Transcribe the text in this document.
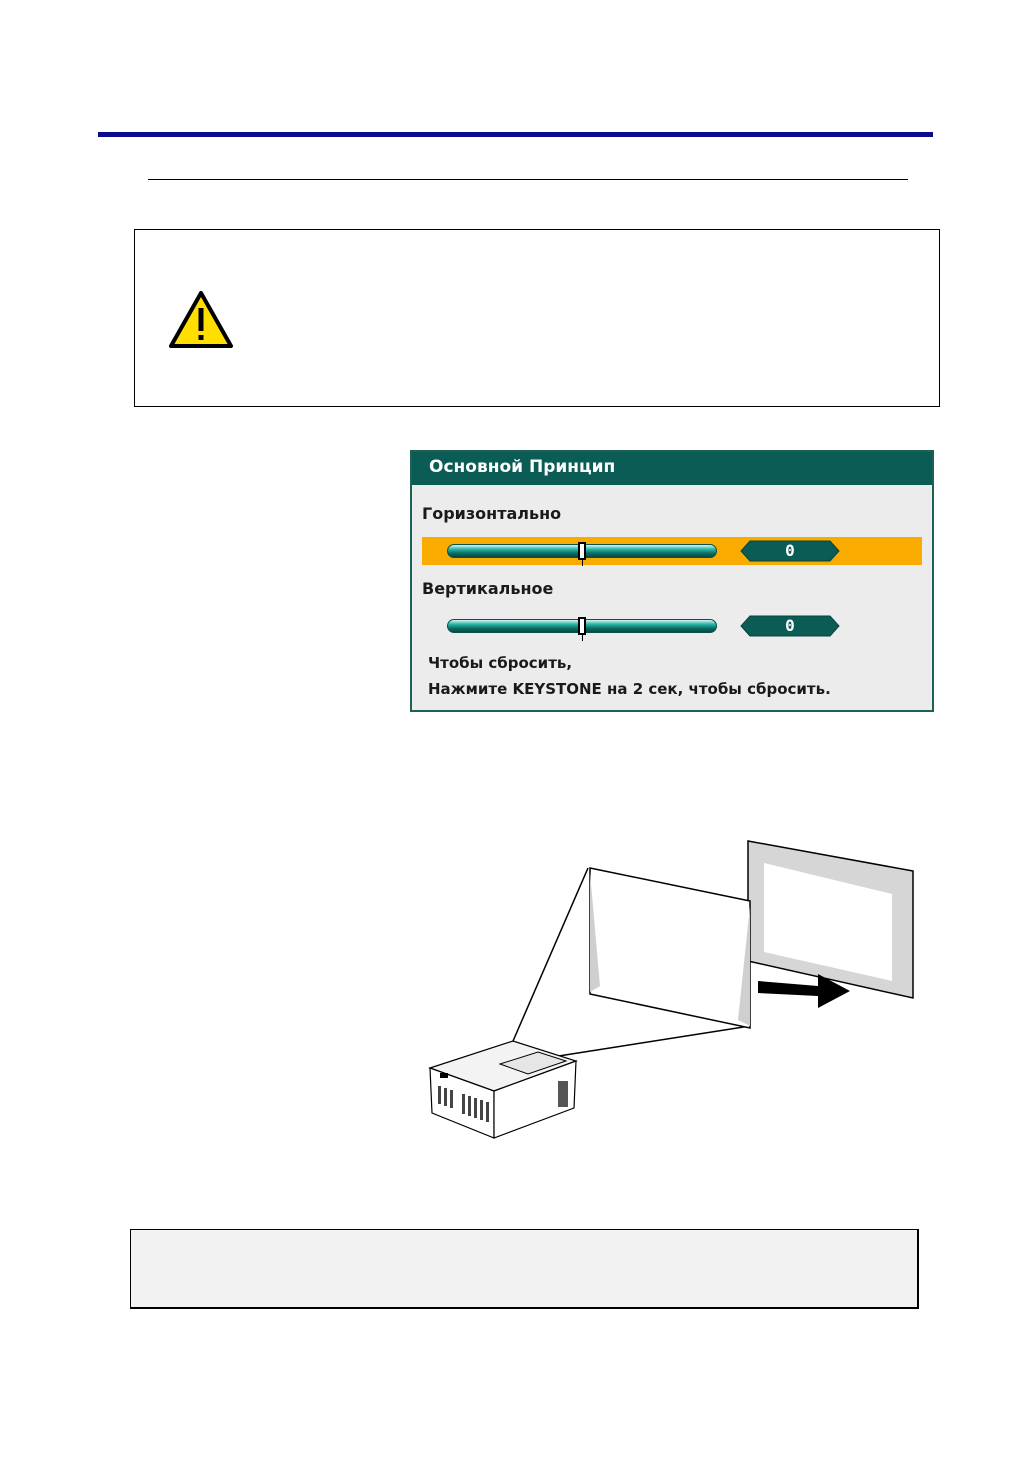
Основной Принцип
Горизонтально
0
Вертикальное
0
Чтобы сбросить,
Нажмите KEYSTONE на 2 сек, чтобы сбросить.
